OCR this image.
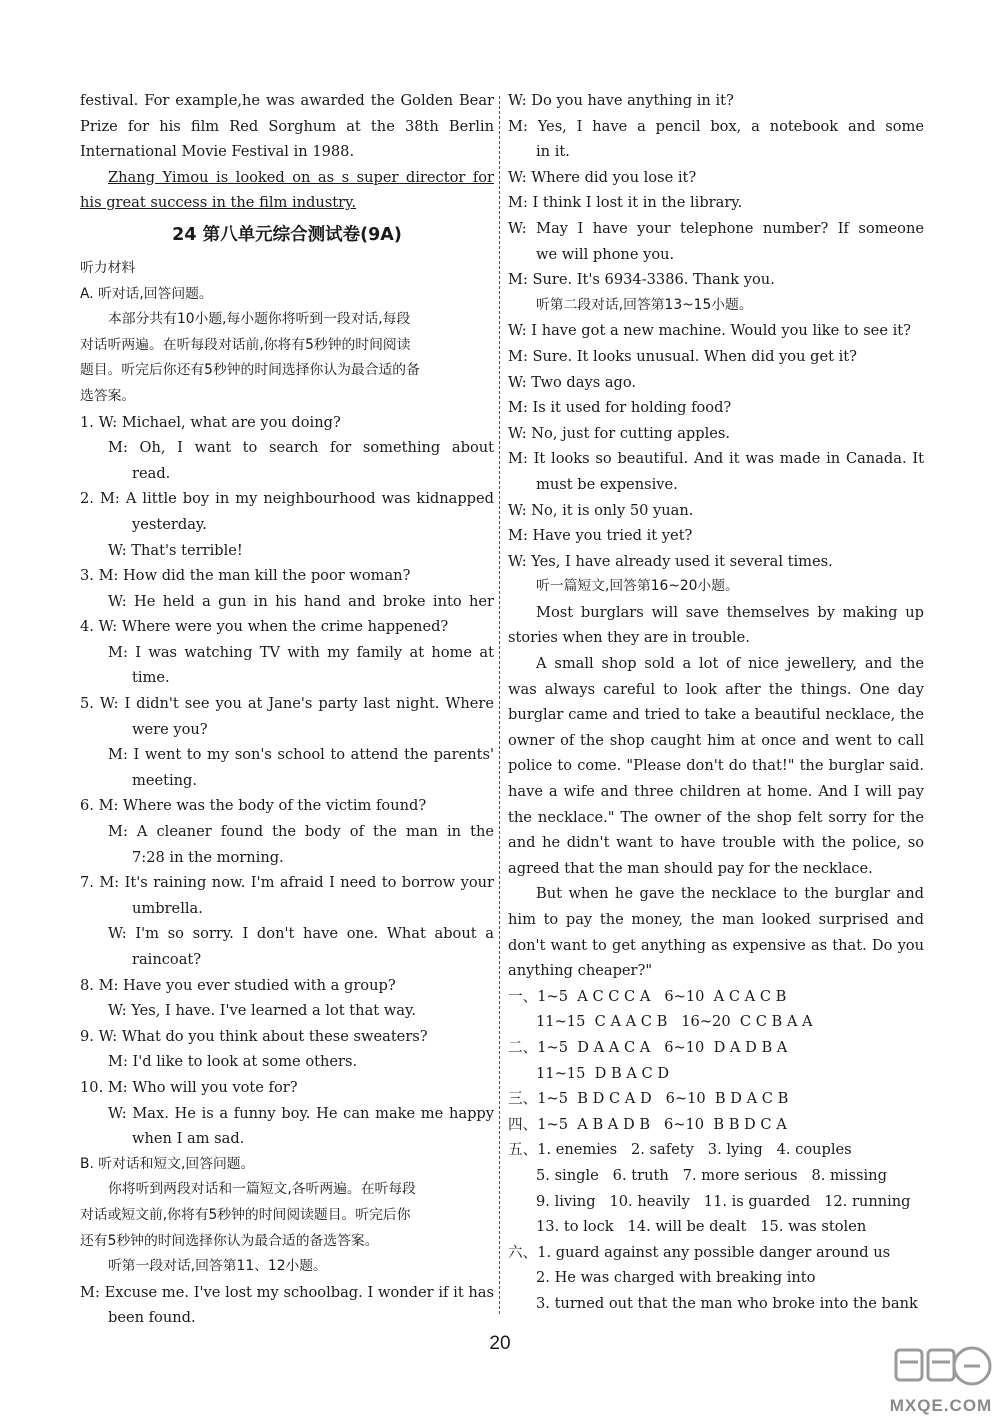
festival. For example,he was awarded the Golden Bear
Prize for his film Red Sorghum at the 38th Berlin
International Movie Festival in 1988.
Zhang Yimou is looked on as s super director for
his great success in the film industry.
24 第八单元综合测试卷(9A)
听力材料
A. 听对话,回答问题。
本部分共有10小题,每小题你将听到一段对话,每段
对话听两遍。在听每段对话前,你将有5秒钟的时间阅读
题目。听完后你还有5秒钟的时间选择你认为最合适的备
选答案。
1. W: Michael, what are you doing?
M: Oh, I want to search for something about
read.
2. M: A little boy in my neighbourhood was kidnapped
yesterday.
W: That's terrible!
3. M: How did the man kill the poor woman?
W: He held a gun in his hand and broke into her
4. W: Where were you when the crime happened?
M: I was watching TV with my family at home at
time.
5. W: I didn't see you at Jane's party last night. Where
were you?
M: I went to my son's school to attend the parents'
meeting.
6. M: Where was the body of the victim found?
M: A cleaner found the body of the man in the
7:28 in the morning.
7. M: It's raining now. I'm afraid I need to borrow your
umbrella.
W: I'm so sorry. I don't have one. What about a
raincoat?
8. M: Have you ever studied with a group?
W: Yes, I have. I've learned a lot that way.
9. W: What do you think about these sweaters?
M: I'd like to look at some others.
10. M: Who will you vote for?
W: Max. He is a funny boy. He can make me happy
when I am sad.
B. 听对话和短文,回答问题。
你将听到两段对话和一篇短文,各听两遍。在听每段
对话或短文前,你将有5秒钟的时间阅读题目。听完后你
还有5秒钟的时间选择你认为最合适的备选答案。
听第一段对话,回答第11、12小题。
M: Excuse me. I've lost my schoolbag. I wonder if it has
been found.
W: Do you have anything in it?
M: Yes, I have a pencil box, a notebook and some
in it.
W: Where did you lose it?
M: I think I lost it in the library.
W: May I have your telephone number? If someone
we will phone you.
M: Sure. It's 6934-3386. Thank you.
听第二段对话,回答第13~15小题。
W: I have got a new machine. Would you like to see it?
M: Sure. It looks unusual. When did you get it?
W: Two days ago.
M: Is it used for holding food?
W: No, just for cutting apples.
M: It looks so beautiful. And it was made in Canada. It
must be expensive.
W: No, it is only 50 yuan.
M: Have you tried it yet?
W: Yes, I have already used it several times.
听一篇短文,回答第16~20小题。
Most burglars will save themselves by making up
stories when they are in trouble.
A small shop sold a lot of nice jewellery, and the
was always careful to look after the things. One day
burglar came and tried to take a beautiful necklace, the
owner of the shop caught him at once and went to call
police to come. "Please don't do that!" the burglar said.
have a wife and three children at home. And I will pay
the necklace." The owner of the shop felt sorry for the
and he didn't want to have trouble with the police, so
agreed that the man should pay for the necklace.
But when he gave the necklace to the burglar and
him to pay the money, the man looked surprised and
don't want to get anything as expensive as that. Do you
anything cheaper?"
一、1~5  A C C C A   6~10  A C A C B
11~15  C A A C B   16~20  C C B A A
二、1~5  D A A C A   6~10  D A D B A
11~15  D B A C D
三、1~5  B D C A D   6~10  B D A C B
四、1~5  A B A D B   6~10  B B D C A
五、1. enemies   2. safety   3. lying   4. couples
5. single   6. truth   7. more serious   8. missing
9. living   10. heavily   11. is guarded   12. running
13. to lock   14. will be dealt   15. was stolen
六、1. guard against any possible danger around us
2. He was charged with breaking into
3. turned out that the man who broke into the bank
20
MXQE.COM
